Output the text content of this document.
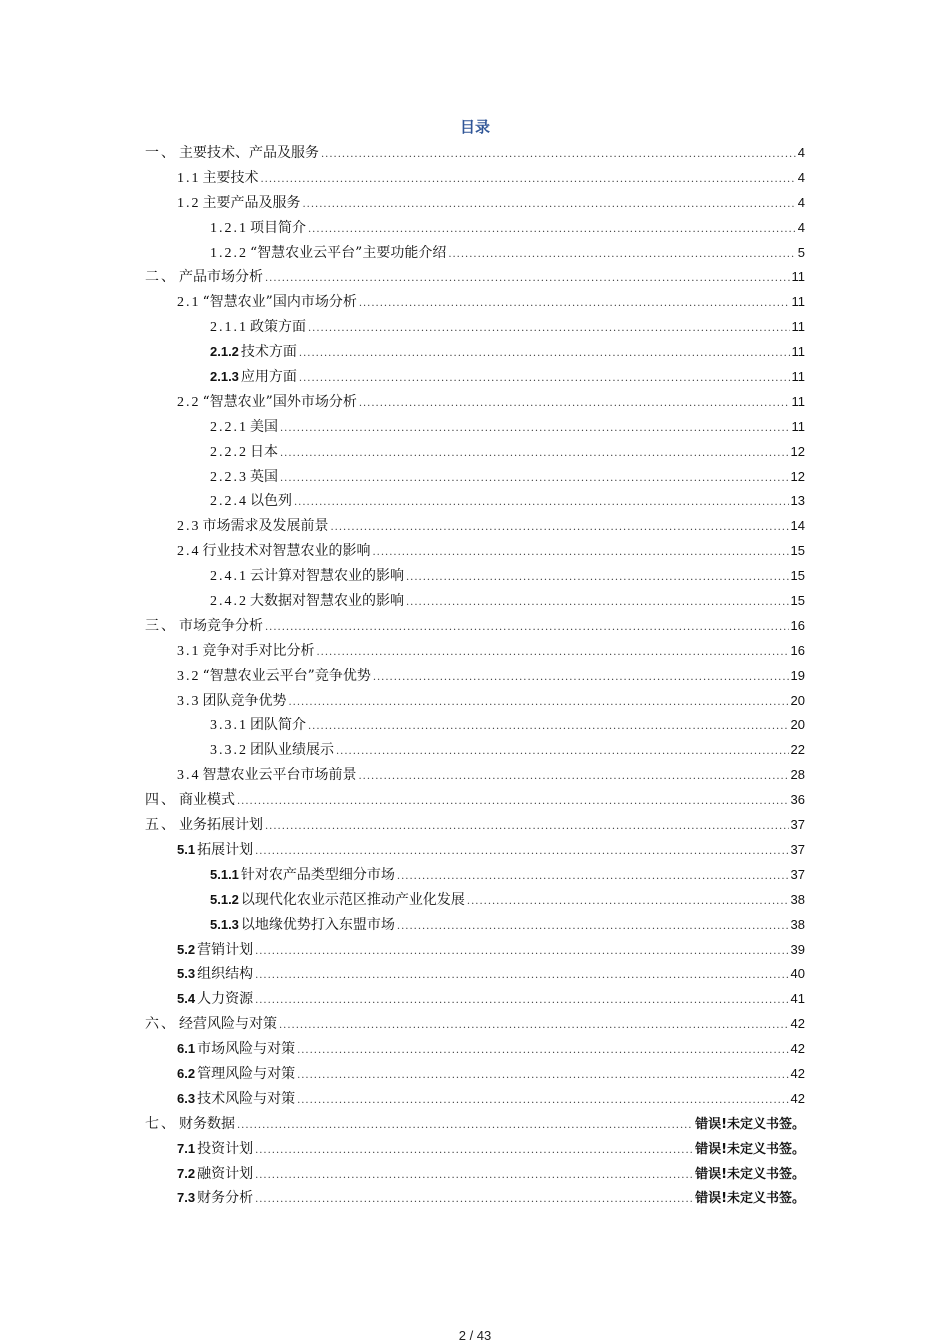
目录
一、 主要技术、产品及服务 .....	4
1.1 主要技术 .....	4
1.2 主要产品及服务 .....	4
1.2.1 项目简介 .....	4
1.2.2 “智慧农业云平台”主要功能介绍 .....	5
二、 产品市场分析 .....	11
2.1 “智慧农业”国内市场分析 .....	11
2.1.1 政策方面 .....	11
2.1.2 技术方面 .....	11
2.1.3 应用方面 .....	11
2.2 “智慧农业”国外市场分析 .....	11
2.2.1 美国 .....	11
2.2.2 日本 .....	12
2.2.3 英国 .....	12
2.2.4 以色列 .....	13
2.3 市场需求及发展前景 .....	14
2.4 行业技术对智慧农业的影响 .....	15
2.4.1 云计算对智慧农业的影响 .....	15
2.4.2 大数据对智慧农业的影响 .....	15
三、 市场竞争分析 .....	16
3.1 竞争对手对比分析 .....	16
3.2 “智慧农业云平台”竞争优势 .....	19
3.3 团队竞争优势 .....	20
3.3.1 团队简介 .....	20
3.3.2 团队业绩展示 .....	22
3.4 智慧农业云平台市场前景 .....	28
四、 商业模式 .....	36
五、 业务拓展计划 .....	37
5.1 拓展计划 .....	37
5.1.1 针对农产品类型细分市场 .....	37
5.1.2 以现代化农业示范区推动产业化发展 .....	38
5.1.3 以地缘优势打入东盟市场 .....	38
5.2 营销计划 .....	39
5.3 组织结构 .....	40
5.4 人力资源 .....	41
六、 经营风险与对策 .....	42
6.1 市场风险与对策 .....	42
6.2 管理风险与对策 .....	42
6.3 技术风险与对策 .....	42
七、 财务数据 .....	错误!未定义书签。
7.1 投资计划 .....	错误!未定义书签。
7.2 融资计划 .....	错误!未定义书签。
7.3 财务分析 .....	错误!未定义书签。
2 / 43
